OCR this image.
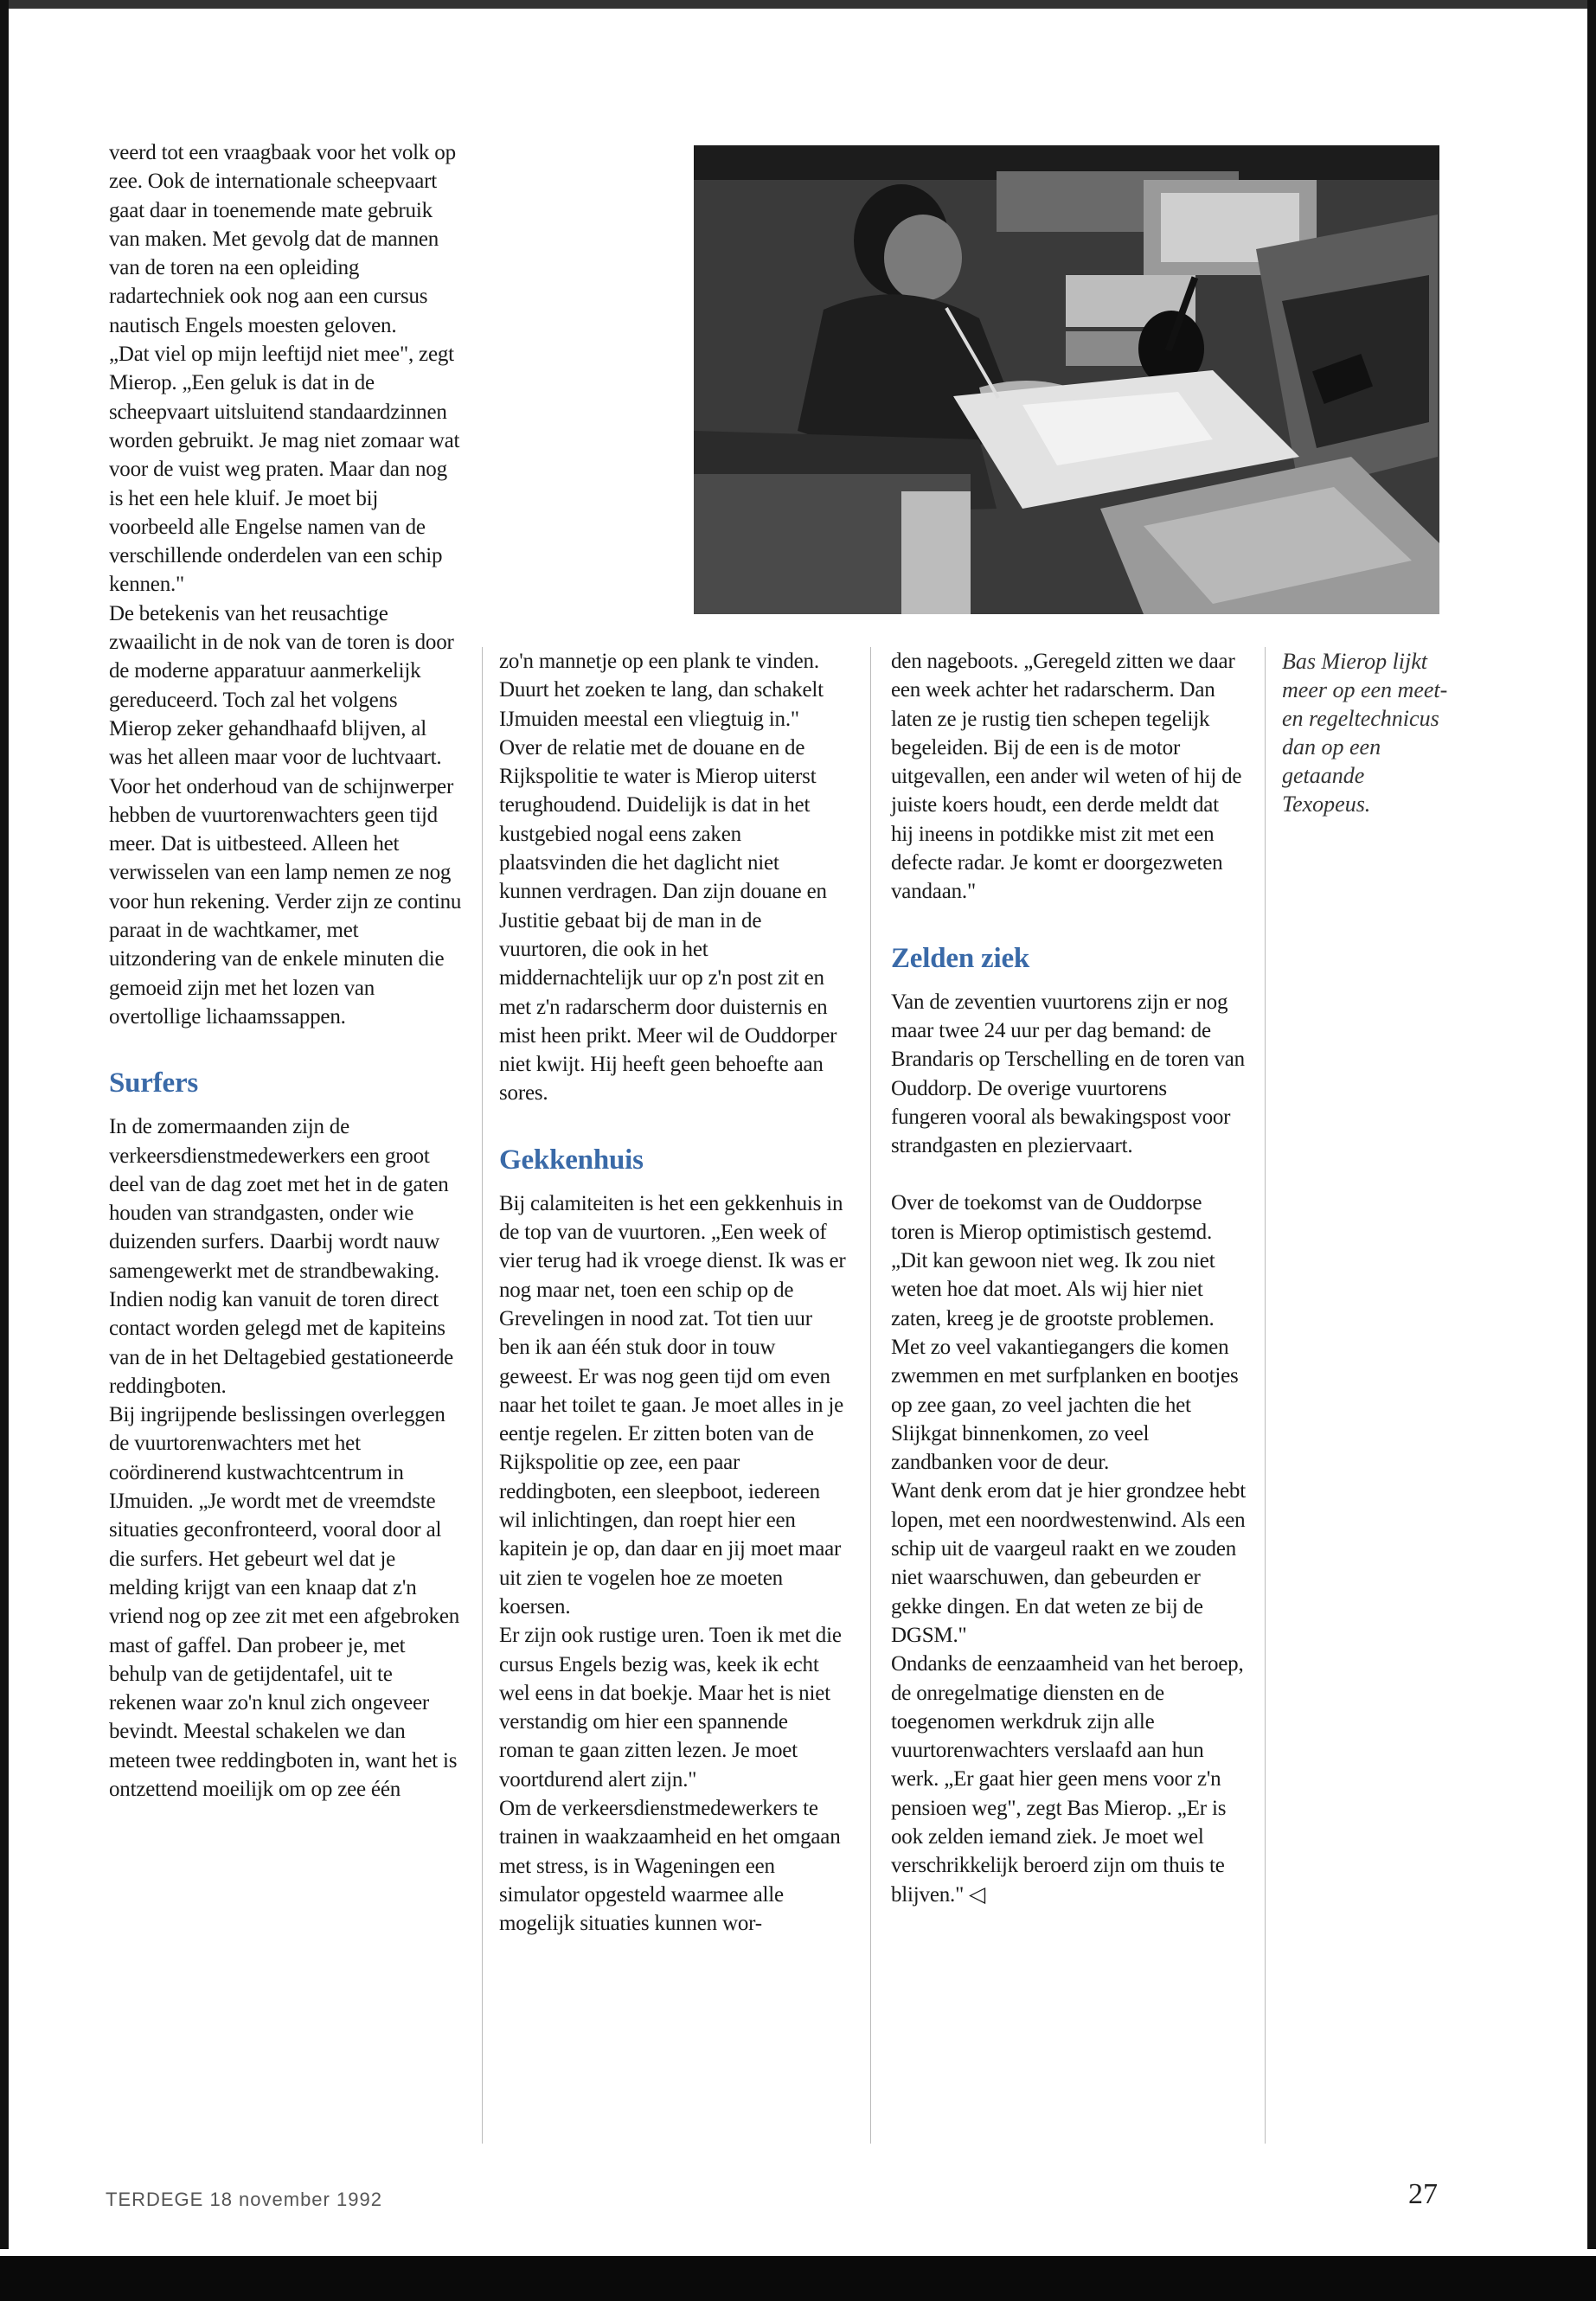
veerd tot een vraagbaak voor het volk op zee. Ook de internationale scheepvaart gaat daar in toenemende mate gebruik van maken. Met gevolg dat de mannen van de toren na een opleiding radartechniek ook nog aan een cursus nautisch Engels moesten geloven.

„Dat viel op mijn leeftijd niet mee", zegt Mierop. „Een geluk is dat in de scheepvaart uitsluitend standaardzinnen worden gebruikt. Je mag niet zomaar wat voor de vuist weg praten. Maar dan nog is het een hele kluif. Je moet bij voorbeeld alle Engelse namen van de verschillende onderdelen van een schip kennen."

De betekenis van het reusachtige zwaailicht in de nok van de toren is door de moderne apparatuur aanmerkelijk gereduceerd. Toch zal het volgens Mierop zeker gehandhaafd blijven, al was het alleen maar voor de luchtvaart. Voor het onderhoud van de schijnwerper hebben de vuurtorenwachters geen tijd meer. Dat is uitbesteed. Alleen het verwisselen van een lamp nemen ze nog voor hun rekening. Verder zijn ze continu paraat in de wachtkamer, met uitzondering van de enkele minuten die gemoeid zijn met het lozen van overtollige lichaamssappen.

Surfers

In de zomermaanden zijn de verkeersdienstmedewerkers een groot deel van de dag zoet met het in de gaten houden van strandgasten, onder wie duizenden surfers. Daarbij wordt nauw samengewerkt met de strandbewaking. Indien nodig kan vanuit de toren direct contact worden gelegd met de kapiteins van de in het Deltagebied gestationeerde reddingboten.

Bij ingrijpende beslissingen overleggen de vuurtorenwachters met het coördinerend kustwachtcentrum in IJmuiden. „Je wordt met de vreemdste situaties geconfronteerd, vooral door al die surfers. Het gebeurt wel dat je melding krijgt van een knaap dat z'n vriend nog op zee zit met een afgebroken mast of gaffel. Dan probeer je, met behulp van de getijdentafel, uit te rekenen waar zo'n knul zich ongeveer bevindt. Meestal schakelen we dan meteen twee reddingboten in, want het is ontzettend moeilijk om op zee één

zo'n mannetje op een plank te vinden. Duurt het zoeken te lang, dan schakelt IJmuiden meestal een vliegtuig in."

Over de relatie met de douane en de Rijkspolitie te water is Mierop uiterst terughoudend. Duidelijk is dat in het kustgebied nogal eens zaken plaatsvinden die het daglicht niet kunnen verdragen. Dan zijn douane en Justitie gebaat bij de man in de vuurtoren, die ook in het middernachtelijk uur op z'n post zit en met z'n radarscherm door duisternis en mist heen prikt. Meer wil de Ouddorper niet kwijt. Hij heeft geen behoefte aan sores.

Gekkenhuis

Bij calamiteiten is het een gekkenhuis in de top van de vuurtoren. „Een week of vier terug had ik vroege dienst. Ik was er nog maar net, toen een schip op de Grevelingen in nood zat. Tot tien uur ben ik aan één stuk door in touw geweest. Er was nog geen tijd om even naar het toilet te gaan. Je moet alles in je eentje regelen. Er zitten boten van de Rijkspolitie op zee, een paar reddingboten, een sleepboot, iedereen wil inlichtingen, dan roept hier een kapitein je op, dan daar en jij moet maar uit zien te vogelen hoe ze moeten koersen.

Er zijn ook rustige uren. Toen ik met die cursus Engels bezig was, keek ik echt wel eens in dat boekje. Maar het is niet verstandig om hier een spannende roman te gaan zitten lezen. Je moet voortdurend alert zijn."

Om de verkeersdienstmedewerkers te trainen in waakzaamheid en het omgaan met stress, is in Wageningen een simulator opgesteld waarmee alle mogelijk situaties kunnen wor-

den nageboots. „Geregeld zitten we daar een week achter het radarscherm. Dan laten ze je rustig tien schepen tegelijk begeleiden. Bij de een is de motor uitgevallen, een ander wil weten of hij de juiste koers houdt, een derde meldt dat hij ineens in potdikke mist zit met een defecte radar. Je komt er doorgezweten vandaan."

Zelden ziek

Van de zeventien vuurtorens zijn er nog maar twee 24 uur per dag bemand: de Brandaris op Terschelling en de toren van Ouddorp. De overige vuurtorens fungeren vooral als bewakingspost voor strandgasten en pleziervaart.

Over de toekomst van de Ouddorpse toren is Mierop optimistisch gestemd. „Dit kan gewoon niet weg. Ik zou niet weten hoe dat moet. Als wij hier niet zaten, kreeg je de grootste problemen. Met zo veel vakantiegangers die komen zwemmen en met surfplanken en bootjes op zee gaan, zo veel jachten die het Slijkgat binnenkomen, zo veel zandbanken voor de deur.

Want denk erom dat je hier grondzee hebt lopen, met een noordwestenwind. Als een schip uit de vaargeul raakt en we zouden niet waarschuwen, dan gebeurden er gekke dingen. En dat weten ze bij de DGSM."

Ondanks de eenzaamheid van het beroep, de onregelmatige diensten en de toegenomen werkdruk zijn alle vuurtorenwachters verslaafd aan hun werk. „Er gaat hier geen mens voor z'n pensioen weg", zegt Bas Mierop. „Er is ook zelden iemand ziek. Je moet wel verschrikkelijk beroerd zijn om thuis te blijven." ◁

Bas Mierop lijkt meer op een meet- en regeltechnicus dan op een getaande Texopeus.
TERDEGE 18 november 1992	27
